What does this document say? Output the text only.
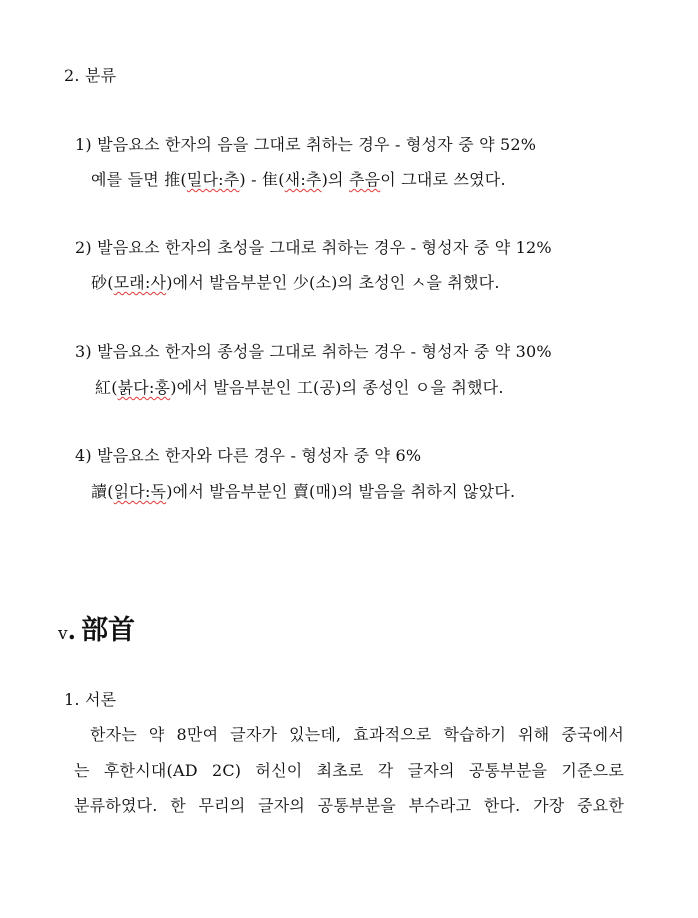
2. 분류
1) 발음요소 한자의 음을 그대로 취하는 경우 - 형성자 중 약 52%
예를 들면 推(밀다:추) - 隹(새:추)의 추음이 그대로 쓰였다.
2) 발음요소 한자의 초성을 그대로 취하는 경우 - 형성자 중 약 12%
砂(모래:사)에서 발음부분인 少(소)의 초성인 ㅅ을 취했다.
3) 발음요소 한자의 종성을 그대로 취하는 경우 - 형성자 중 약 30%
紅(붉다:홍)에서 발음부분인 工(공)의 종성인 ㅇ을 취했다.
4) 발음요소 한자와 다른 경우 - 형성자 중 약 6%
讀(읽다:독)에서 발음부분인 賣(매)의 발음을 취하지 않았다.
v. 部首
1. 서론
한자는 약 8만여 글자가 있는데, 효과적으로 학습하기 위해 중국에서
는 후한시대(AD 2C) 허신이 최초로 각 글자의 공통부분을 기준으로
분류하였다. 한 무리의 글자의 공통부분을 부수라고 한다. 가장 중요한
